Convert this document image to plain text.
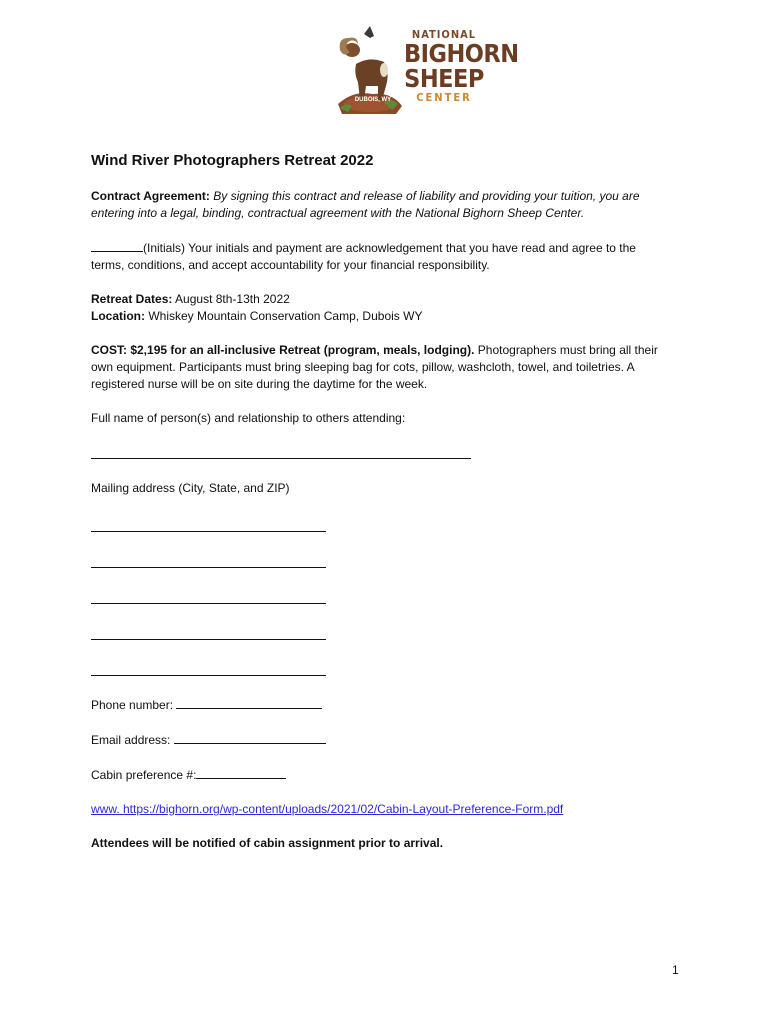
DUBOIS, WY
NATIONAL
BIGHORN
SHEEP
CENTER
Wind River Photographers Retreat 2022

Contract Agreement: By signing this contract and release of liability and providing your tuition, you are entering into a legal, binding, contractual agreement with the National Bighorn Sheep Center.

(Initials) Your initials and payment are acknowledgement that you have read and agree to the terms, conditions, and accept accountability for your financial responsibility.

Retreat Dates: August 8th-13th 2022

Location: Whiskey Mountain Conservation Camp, Dubois WY

COST: $2,195 for an all-inclusive Retreat (program, meals, lodging). Photographers must bring all their own equipment. Participants must bring sleeping bag for cots, pillow, washcloth, towel, and toiletries. A registered nurse will be on site during the daytime for the week.

Full name of person(s) and relationship to others attending:

Mailing address (City, State, and ZIP)

Phone number:

Email address:

Cabin preference #:

www. https://bighorn.org/wp-content/uploads/2021/02/Cabin-Layout-Preference-Form.pdf

Attendees will be notified of cabin assignment prior to arrival.

1
